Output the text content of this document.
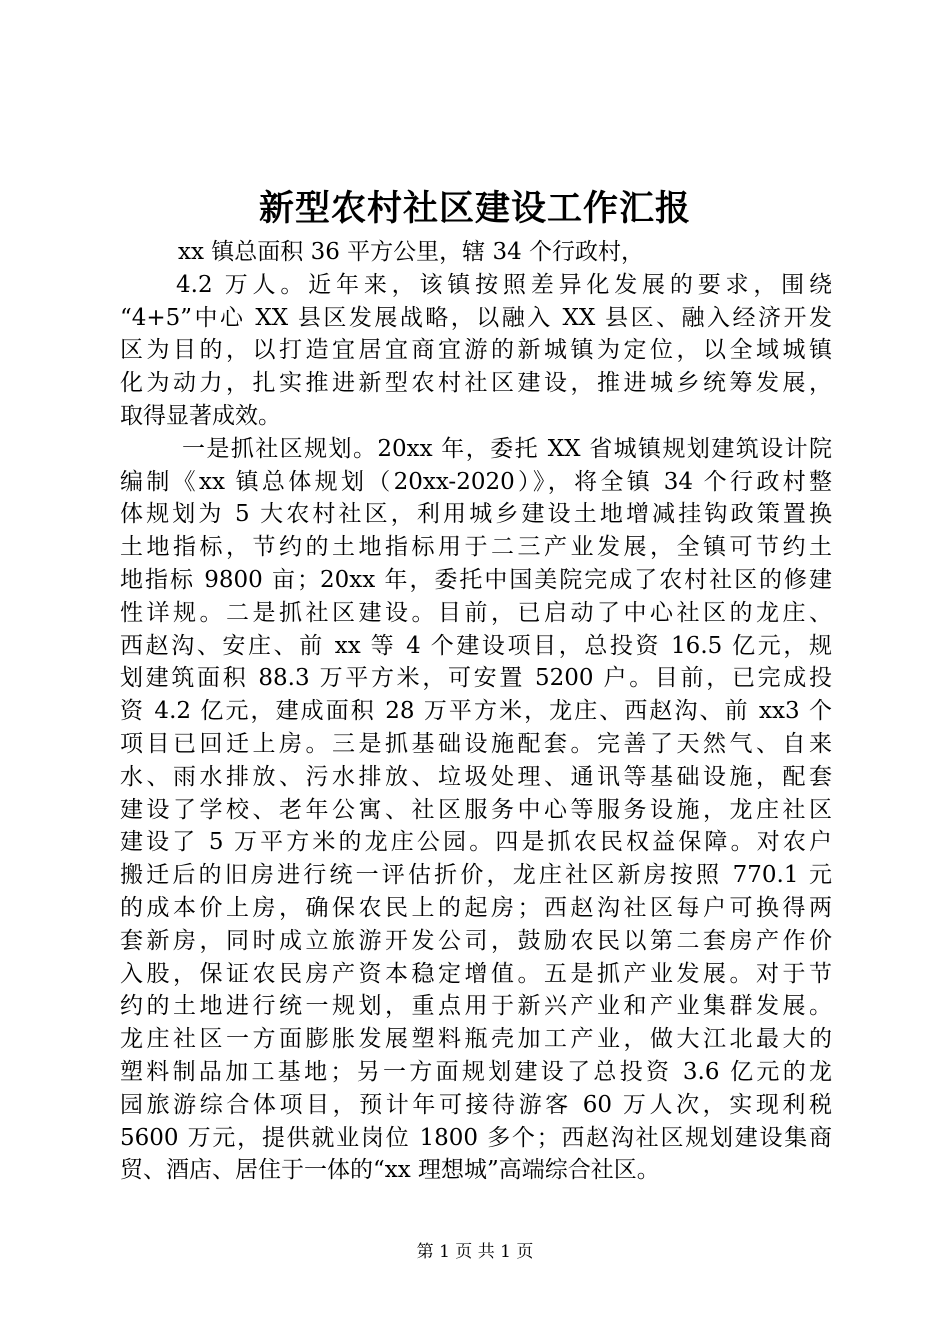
新型农村社区建设工作汇报
xx 镇总面积 36 平方公里，辖 34 个行政村，
4.2 万人。近年来，该镇按照差异化发展的要求，围绕
“4+5”中心 XX 县区发展战略，以融入 XX 县区、融入经济开发
区为目的，以打造宜居宜商宜游的新城镇为定位，以全域城镇
化为动力，扎实推进新型农村社区建设，推进城乡统筹发展，
取得显著成效。
一是抓社区规划。20xx 年，委托 XX 省城镇规划建筑设计院
编制《xx 镇总体规划（20xx-2020）》，将全镇 34 个行政村整
体规划为 5 大农村社区，利用城乡建设土地增减挂钩政策置换
土地指标，节约的土地指标用于二三产业发展，全镇可节约土
地指标 9800 亩；20xx 年，委托中国美院完成了农村社区的修建
性详规。二是抓社区建设。目前，已启动了中心社区的龙庄、
西赵沟、安庄、前 xx 等 4 个建设项目，总投资 16.5 亿元，规
划建筑面积 88.3 万平方米，可安置 5200 户。目前，已完成投
资 4.2 亿元，建成面积 28 万平方米，龙庄、西赵沟、前 xx3 个
项目已回迁上房。三是抓基础设施配套。完善了天然气、自来
水、雨水排放、污水排放、垃圾处理、通讯等基础设施，配套
建设了学校、老年公寓、社区服务中心等服务设施，龙庄社区
建设了 5 万平方米的龙庄公园。四是抓农民权益保障。对农户
搬迁后的旧房进行统一评估折价，龙庄社区新房按照 770.1 元
的成本价上房，确保农民上的起房；西赵沟社区每户可换得两
套新房，同时成立旅游开发公司，鼓励农民以第二套房产作价
入股，保证农民房产资本稳定增值。五是抓产业发展。对于节
约的土地进行统一规划，重点用于新兴产业和产业集群发展。
龙庄社区一方面膨胀发展塑料瓶壳加工产业，做大江北最大的
塑料制品加工基地；另一方面规划建设了总投资 3.6 亿元的龙
园旅游综合体项目，预计年可接待游客 60 万人次，实现利税
5600 万元，提供就业岗位 1800 多个；西赵沟社区规划建设集商
贸、酒店、居住于一体的“xx 理想城”高端综合社区。
第 1 页 共 1 页
